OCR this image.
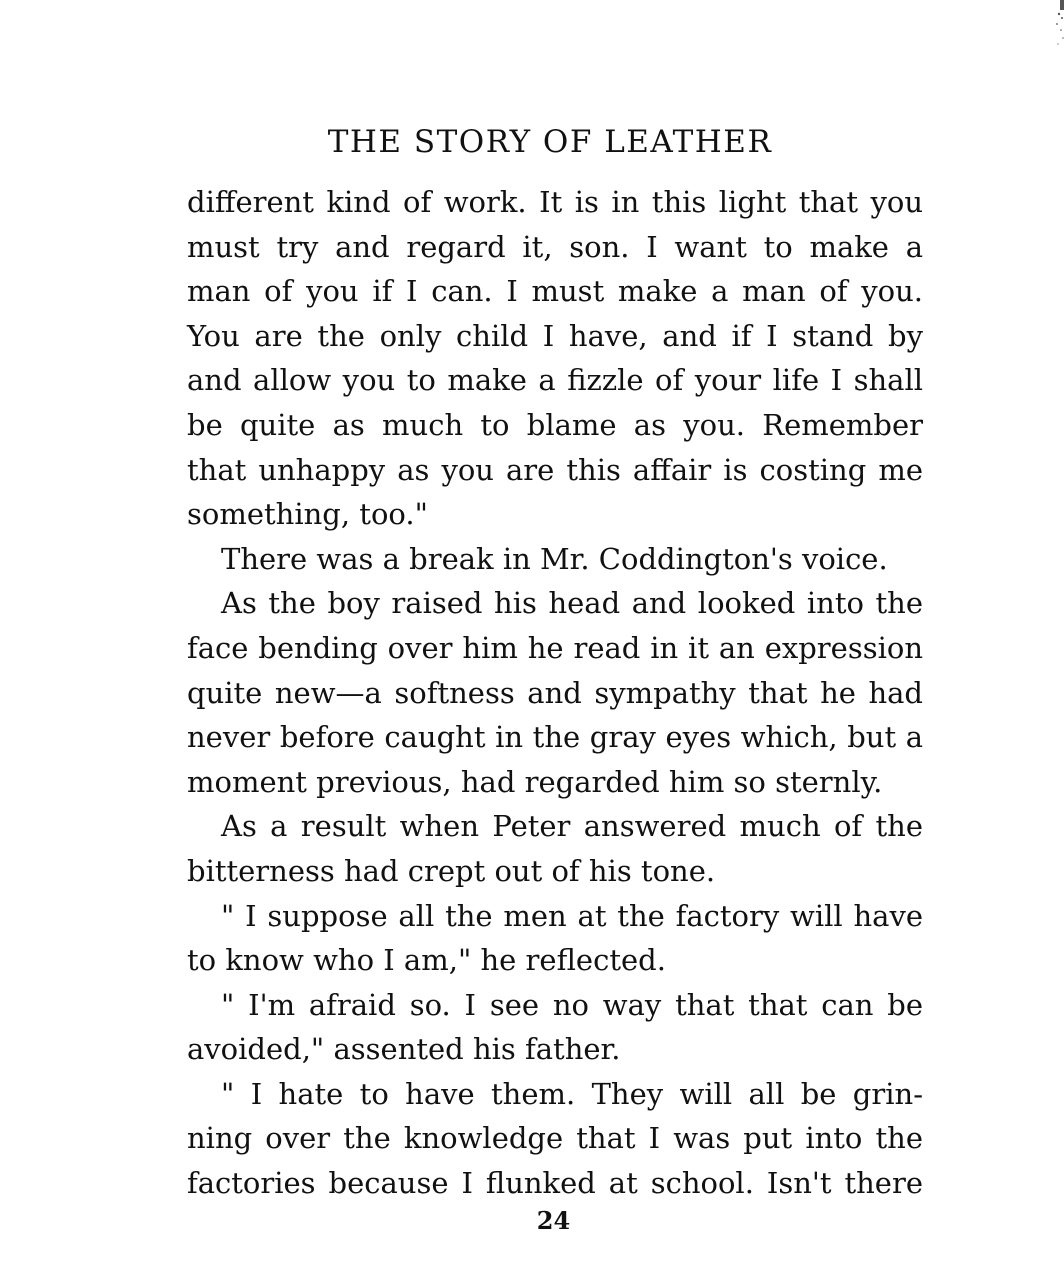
THE STORY OF LEATHER
different kind of work. It is in this light that you
must try and regard it, son. I want to make a
man of you if I can. I must make a man of you.
You are the only child I have, and if I stand by
and allow you to make a fizzle of your life I shall
be quite as much to blame as you. Remember
that unhappy as you are this affair is costing me
something, too."
There was a break in Mr. Coddington's voice.
As the boy raised his head and looked into the
face bending over him he read in it an expression
quite new—a softness and sympathy that he had
never before caught in the gray eyes which, but a
moment previous, had regarded him so sternly.
As a result when Peter answered much of the
bitterness had crept out of his tone.
" I suppose all the men at the factory will have
to know who I am," he reflected.
" I'm afraid so. I see no way that that can be
avoided," assented his father.
" I hate to have them. They will all be grin-
ning over the knowledge that I was put into the
factories because I flunked at school. Isn't there
24
